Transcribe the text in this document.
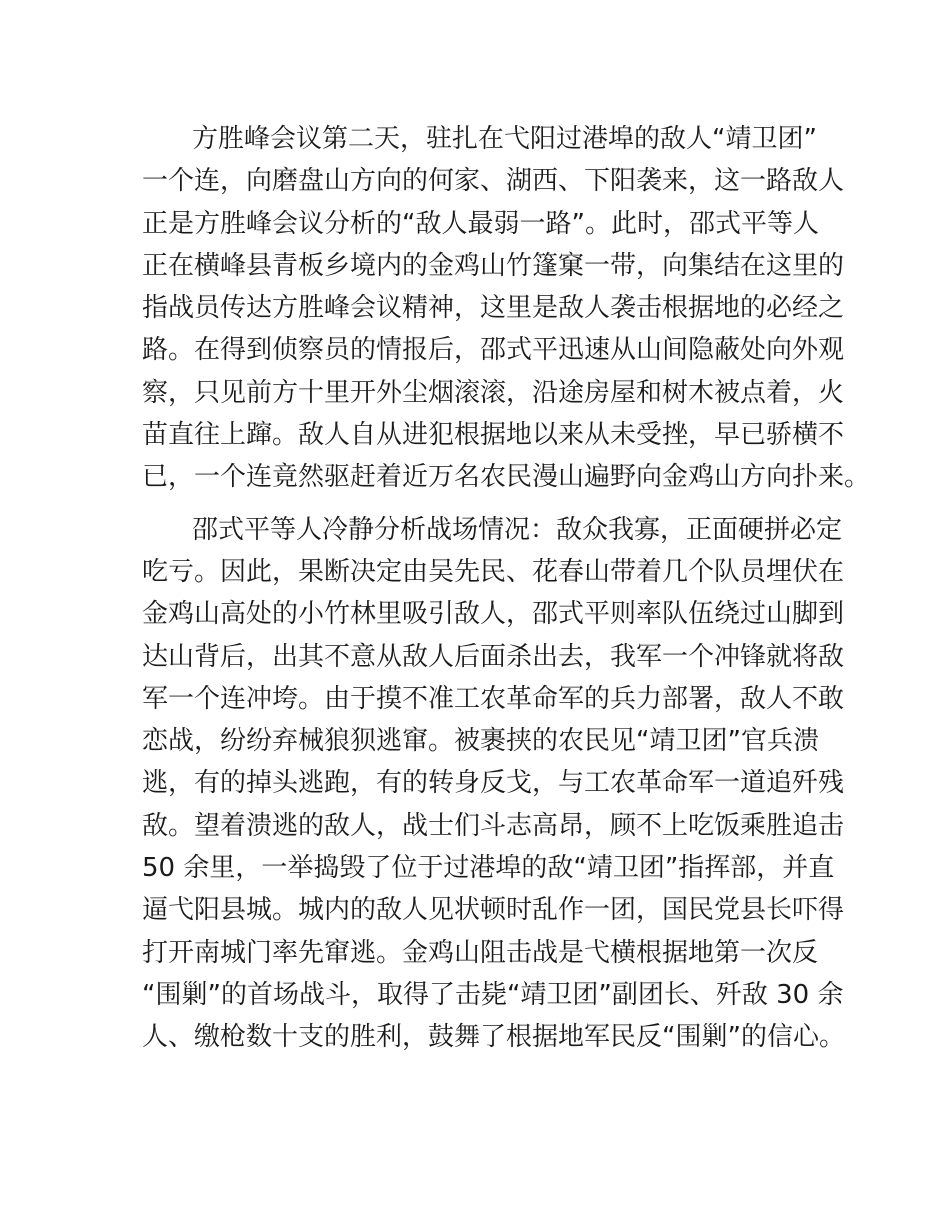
方胜峰会议第二天，驻扎在弋阳过港埠的敌人“靖卫团”
一个连，向磨盘山方向的何家、湖西、下阳袭来，这一路敌人
正是方胜峰会议分析的“敌人最弱一路”。此时，邵式平等人
正在横峰县青板乡境内的金鸡山竹篷窠一带，向集结在这里的
指战员传达方胜峰会议精神，这里是敌人袭击根据地的必经之
路。在得到侦察员的情报后，邵式平迅速从山间隐蔽处向外观
察，只见前方十里开外尘烟滚滚，沿途房屋和树木被点着，火
苗直往上蹿。敌人自从进犯根据地以来从未受挫，早已骄横不
已，一个连竟然驱赶着近万名农民漫山遍野向金鸡山方向扑来。
邵式平等人冷静分析战场情况：敌众我寡，正面硬拼必定
吃亏。因此，果断决定由吴先民、花春山带着几个队员埋伏在
金鸡山高处的小竹林里吸引敌人，邵式平则率队伍绕过山脚到
达山背后，出其不意从敌人后面杀出去，我军一个冲锋就将敌
军一个连冲垮。由于摸不准工农革命军的兵力部署，敌人不敢
恋战，纷纷弃械狼狈逃窜。被裹挟的农民见“靖卫团”官兵溃
逃，有的掉头逃跑，有的转身反戈，与工农革命军一道追歼残
敌。望着溃逃的敌人，战士们斗志高昂，顾不上吃饭乘胜追击
50 余里，一举捣毁了位于过港埠的敌“靖卫团”指挥部，并直
逼弋阳县城。城内的敌人见状顿时乱作一团，国民党县长吓得
打开南城门率先窜逃。金鸡山阻击战是弋横根据地第一次反
“围剿”的首场战斗，取得了击毙“靖卫团”副团长、歼敌 30 余
人、缴枪数十支的胜利，鼓舞了根据地军民反“围剿”的信心。
